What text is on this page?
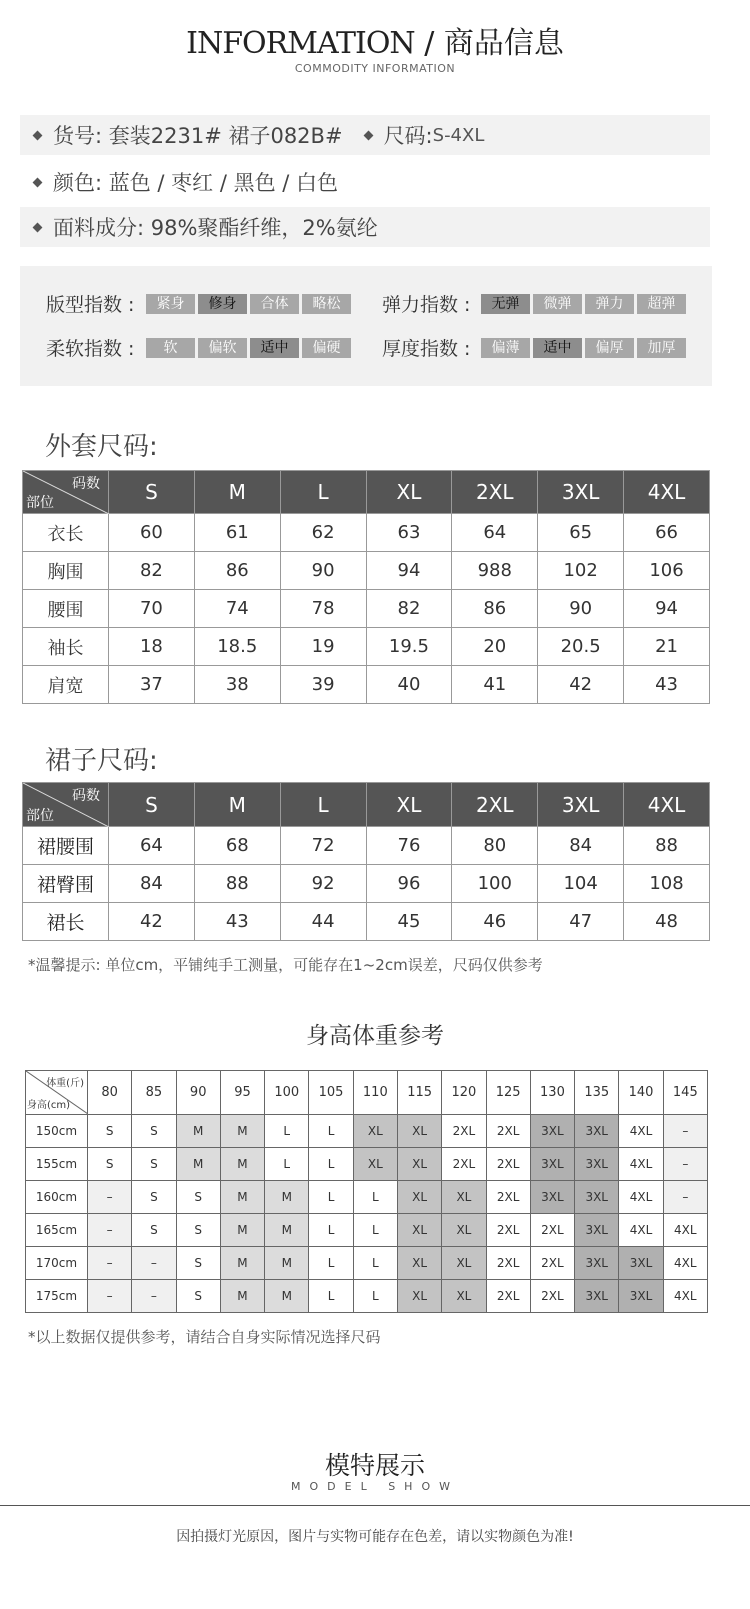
INFORMATION / 商品信息
COMMODITY INFORMATION
货号: 套装2231# 裙子082B# 尺码: S-4XL
颜色: 蓝色 / 枣红 / 黑色 / 白色
面料成分: 98%聚酯纤维，2%氨纶
版型指数 :	紧身	修身	合体	略松	弹力指数 :	无弹	微弹	弹力	超弹
柔软指数 :	软	偏软	适中	偏硬	厚度指数 :	偏薄	适中	偏厚	加厚
外套尺码:
码数
部位	S	M	L	XL	2XL	3XL	4XL
衣长	60	61	62	63	64	65	66
胸围	82	86	90	94	988	102	106
腰围	70	74	78	82	86	90	94
袖长	18	18.5	19	19.5	20	20.5	21
肩宽	37	38	39	40	41	42	43
裙子尺码:
码数
部位	S	M	L	XL	2XL	3XL	4XL
裙腰围	64	68	72	76	80	84	88
裙臀围	84	88	92	96	100	104	108
裙长	42	43	44	45	46	47	48
*温馨提示: 单位cm，平铺纯手工测量，可能存在1~2cm误差，尺码仅供参考
身高体重参考
体重(斤)
身高(cm)	80	85	90	95	100	105	110	115	120	125	130	135	140	145
150cm	S	S	M	M	L	L	XL	XL	2XL	2XL	3XL	3XL	4XL	–
155cm	S	S	M	M	L	L	XL	XL	2XL	2XL	3XL	3XL	4XL	–
160cm	–	S	S	M	M	L	L	XL	XL	2XL	3XL	3XL	4XL	–
165cm	–	S	S	M	M	L	L	XL	XL	2XL	2XL	3XL	4XL	4XL
170cm	–	–	S	M	M	L	L	XL	XL	2XL	2XL	3XL	3XL	4XL
175cm	–	–	S	M	M	L	L	XL	XL	2XL	2XL	3XL	3XL	4XL
*以上数据仅提供参考，请结合自身实际情况选择尺码
模特展示
MODEL SHOW
因拍摄灯光原因，图片与实物可能存在色差，请以实物颜色为准!
